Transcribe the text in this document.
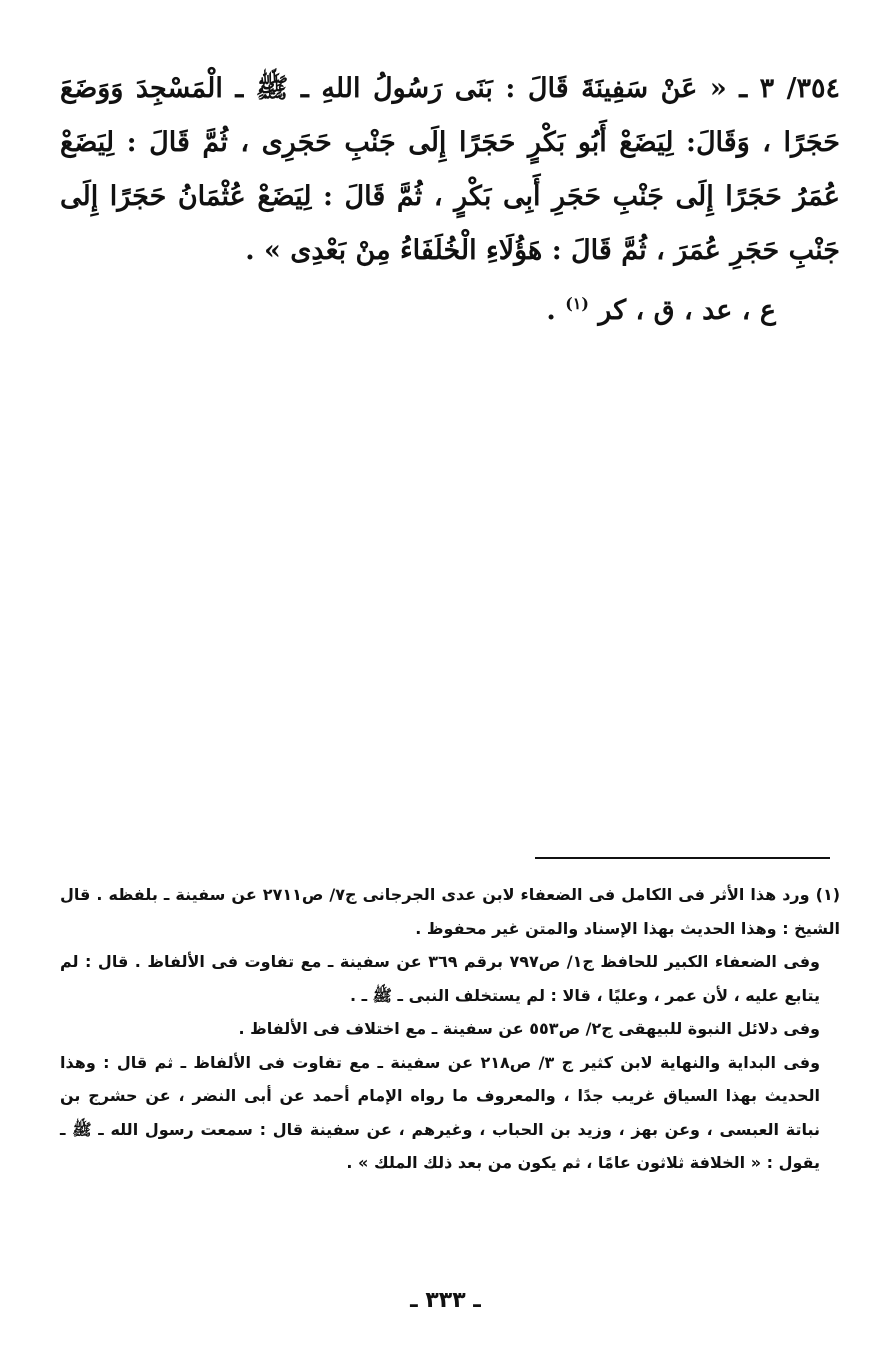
٣٥٤/ ٣ ـ « عَنْ سَفِينَةَ قَالَ : بَنَى رَسُولُ اللهِ ـ ﷺ ـ الْمَسْجِدَ وَوَضَعَ حَجَرًا ، وَقَالَ: لِيَضَعْ أَبُو بَكْرٍ حَجَرًا إِلَى جَنْبِ حَجَرِى ، ثُمَّ قَالَ : لِيَضَعْ عُمَرُ حَجَرًا إِلَى جَنْبِ حَجَرِ أَبِى بَكْرٍ ، ثُمَّ قَالَ : لِيَضَعْ عُثْمَانُ حَجَرًا إِلَى جَنْبِ حَجَرِ عُمَرَ ، ثُمَّ قَالَ : هَؤُلَاءِ الْخُلَفَاءُ مِنْ بَعْدِى » .

ع ، عد ، ق ، كر $^{(١)}$ .

(١) ورد هذا الأثر فى الكامل فى الضعفاء لابن عدى الجرجانى ج٧/ ص٢٧١١ عن سفينة ـ بلفظه . قال الشيخ : وهذا الحديث بهذا الإسناد والمتن غير محفوظ .

وفى الضعفاء الكبير للحافظ ج١/ ص٧٩٧ برقم ٣٦٩ عن سفينة ـ مع تفاوت فى الألفاظ . قال : لم يتابع عليه ، لأن عمر ، وعليًا ، قالا : لم يستخلف النبى ـ ﷺ ـ .

وفى دلائل النبوة للبيهقى ج٢/ ص٥٥٣ عن سفينة ـ مع اختلاف فى الألفاظ .

وفى البداية والنهاية لابن كثير ج ٣/ ص٢١٨ عن سفينة ـ مع تفاوت فى الألفاظ ـ ثم قال : وهذا الحديث بهذا السياق غريب جدًا ، والمعروف ما رواه الإمام أحمد عن أبى النضر ، عن حشرج بن نباتة العبسى ، وعن بهز ، وزيد بن الحباب ، وغيرهم ، عن سفينة قال : سمعت رسول الله ـ ﷺ ـ يقول : « الخلافة ثلاثون عامًا ، ثم يكون من بعد ذلك الملك » .

ـ ٣٣٣ ـ
